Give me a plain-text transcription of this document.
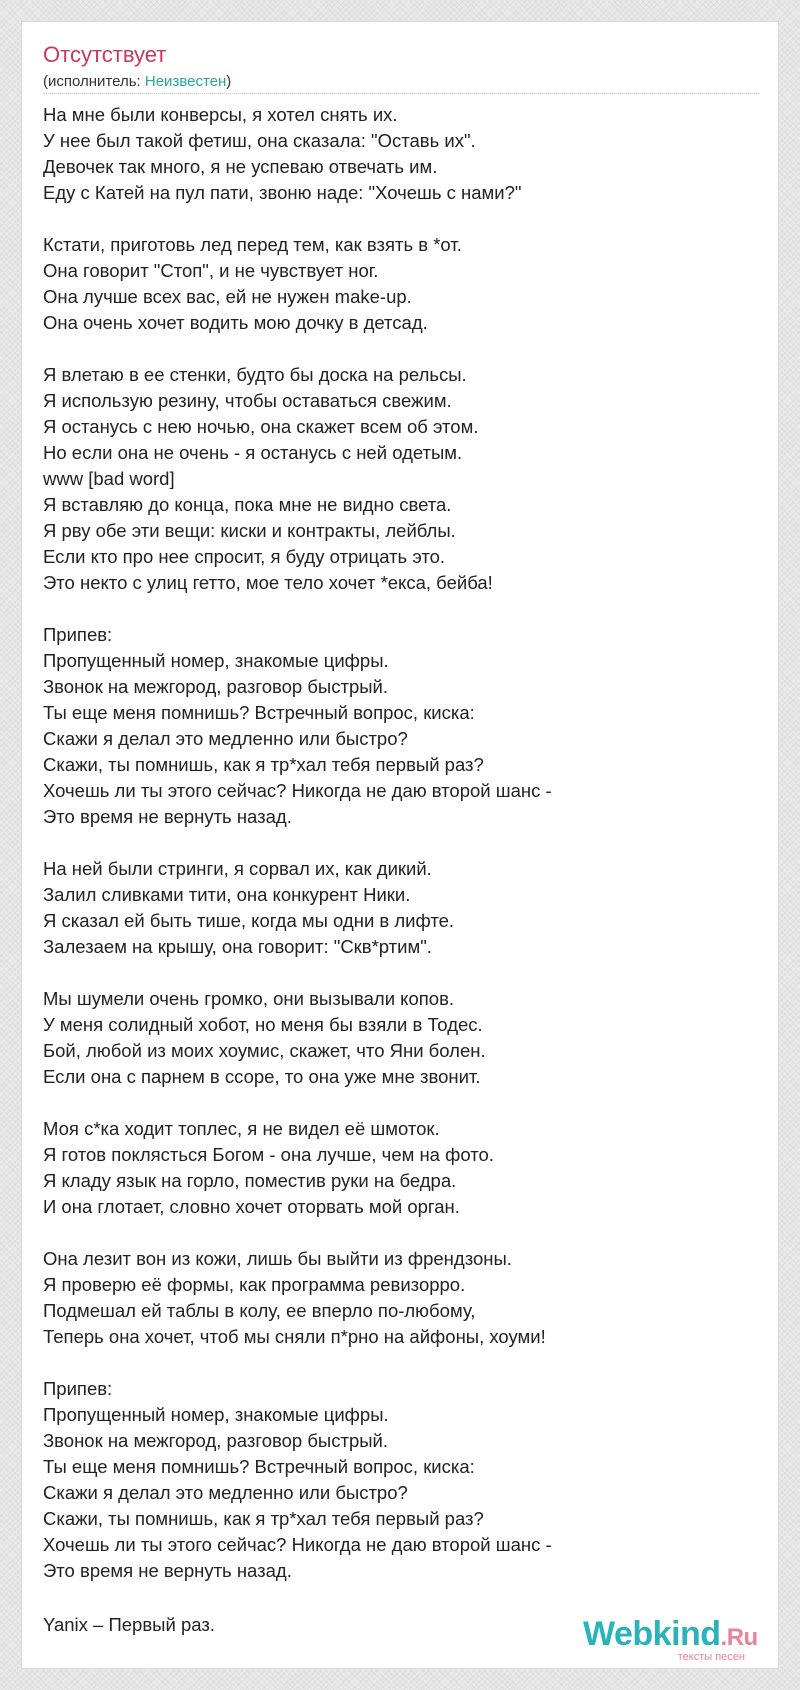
Отсутствует
(исполнитель: Неизвестен)
На мне были конверсы, я хотел снять их.
У нее был такой фетиш, она сказала: "Оставь их".
Девочек так много, я не успеваю отвечать им.
Еду с Катей на пул пати, звоню наде: "Хочешь с нами?"
Кстати, приготовь лед перед тем, как взять в *от.
Она говорит "Стоп", и не чувствует ног.
Она лучше всех вас, ей не нужен make-up.
Она очень хочет водить мою дочку в детсад.
Я влетаю в ее стенки, будто бы доска на рельсы.
Я использую резину, чтобы оставаться свежим.
Я останусь с нею ночью, она скажет всем об этом.
Но если она не очень - я останусь с ней одетым.
www [bad word]
Я вставляю до конца, пока мне не видно света.
Я рву обе эти вещи: киски и контракты, лейблы.
Если кто про нее спросит, я буду отрицать это.
Это некто с улиц гетто, мое тело хочет *екса, бейба!
Припев:
Пропущенный номер, знакомые цифры.
Звонок на межгород, разговор быстрый.
Ты еще меня помнишь? Встречный вопрос, киска:
Скажи я делал это медленно или быстро?
Скажи, ты помнишь, как я тр*хал тебя первый раз?
Хочешь ли ты этого сейчас? Никогда не даю второй шанс -
Это время не вернуть назад.
На ней были стринги, я сорвал их, как дикий.
Залил сливками тити, она конкурент Ники.
Я сказал ей быть тише, когда мы одни в лифте.
Залезаем на крышу, она говорит: "Скв*ртим".
Мы шумели очень громко, они вызывали копов.
У меня солидный хобот, но меня бы взяли в Тодес.
Бой, любой из моих хоумис, скажет, что Яни болен.
Если она с парнем в ссоре, то она уже мне звонит.
Моя с*ка ходит топлес, я не видел её шмоток.
Я готов поклясться Богом - она лучше, чем на фото.
Я кладу язык на горло, поместив руки на бедра.
И она глотает, словно хочет оторвать мой орган.
Она лезит вон из кожи, лишь бы выйти из френдзоны.
Я проверю её формы, как программа ревизорро.
Подмешал ей таблы в колу, ее вперло по-любому,
Теперь она хочет, чтоб мы сняли п*рно на айфоны, хоуми!
Припев:
Пропущенный номер, знакомые цифры.
Звонок на межгород, разговор быстрый.
Ты еще меня помнишь? Встречный вопрос, киска:
Скажи я делал это медленно или быстро?
Скажи, ты помнишь, как я тр*хал тебя первый раз?
Хочешь ли ты этого сейчас? Никогда не даю второй шанс -
Это время не вернуть назад.
Yanix – Первый раз.	Webkind.Ru
тексты песен
